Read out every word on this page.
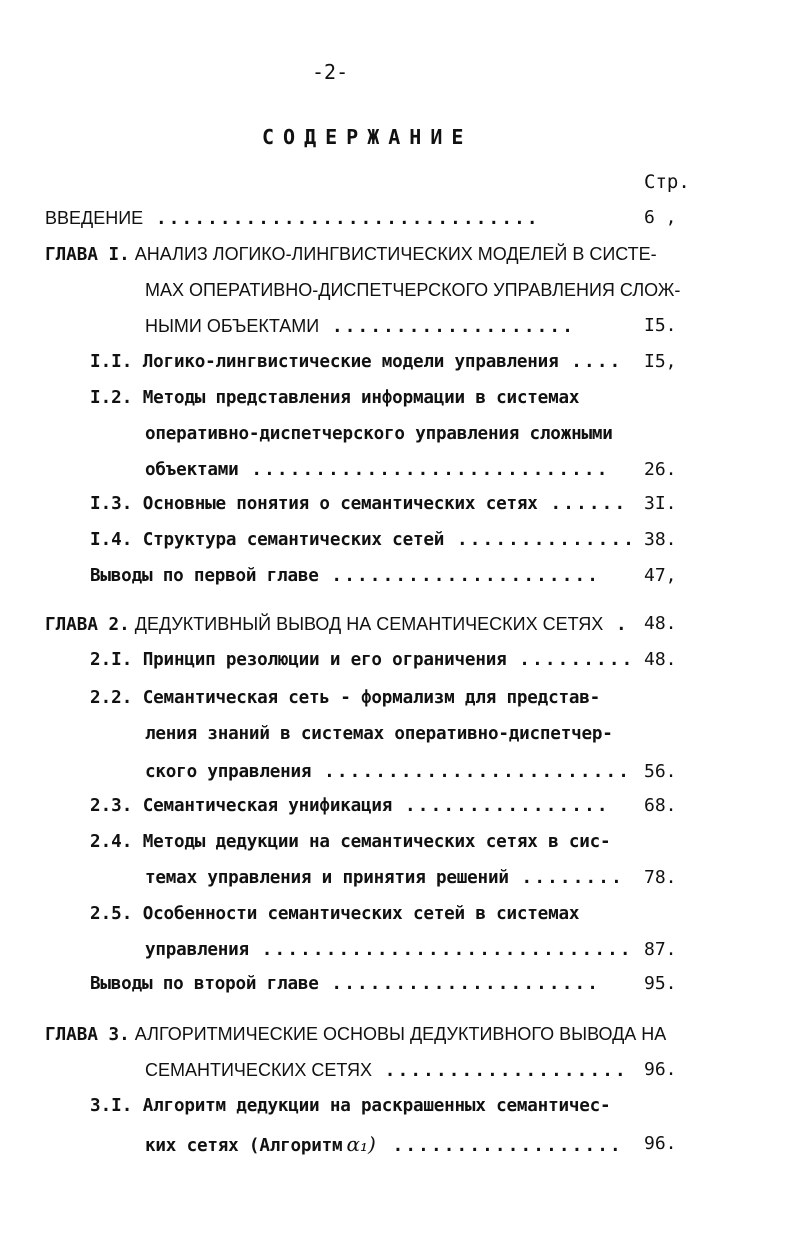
-2-
СОДЕРЖАНИЕ
Стр.
ВВЕДЕНИЕ ..............................	6 ,
ГЛАВА I. АНАЛИЗ ЛОГИКО-ЛИНГВИСТИЧЕСКИХ МОДЕЛЕЙ В СИСТЕ-
МАХ ОПЕРАТИВНО-ДИСПЕТЧЕРСКОГО УПРАВЛЕНИЯ СЛОЖ-
НЫМИ ОБЪЕКТАМИ ...................	I5.
I.I. Логико-лингвистические модели управления .... I5,
I.2. Методы представления информации в системах
оперативно-диспетчерского управления сложными
объектами ............................ 26.
I.3. Основные понятия о семантических сетях ...... 3I.
I.4. Структура семантических сетей .............. 38.
Выводы по первой главе ..................... 47,
ГЛАВА 2. ДЕДУКТИВНЫЙ ВЫВОД НА СЕМАНТИЧЕСКИХ СЕТЯХ . 48.
2.I. Принцип резолюции и его ограничения ......... 48.
2.2. Семантическая сеть - формализм для представ-
ления знаний в системах оперативно-диспетчер-
ского управления ........................ 56.
2.3. Семантическая унификация ................ 68.
2.4. Методы дедукции на семантических сетях в сис-
темах управления и принятия решений ........ 78.
2.5. Особенности семантических сетей в системах
управления ............................. 87.
Выводы по второй главе ..................... 95.
ГЛАВА 3. АЛГОРИТМИЧЕСКИЕ ОСНОВЫ ДЕДУКТИВНОГО ВЫВОДА НА
СЕМАНТИЧЕСКИХ СЕТЯХ ................... 96.
3.I. Алгоритм дедукции на раскрашенных семантичес-
ких сетях (Алгоритм α₁) .................. 96.
